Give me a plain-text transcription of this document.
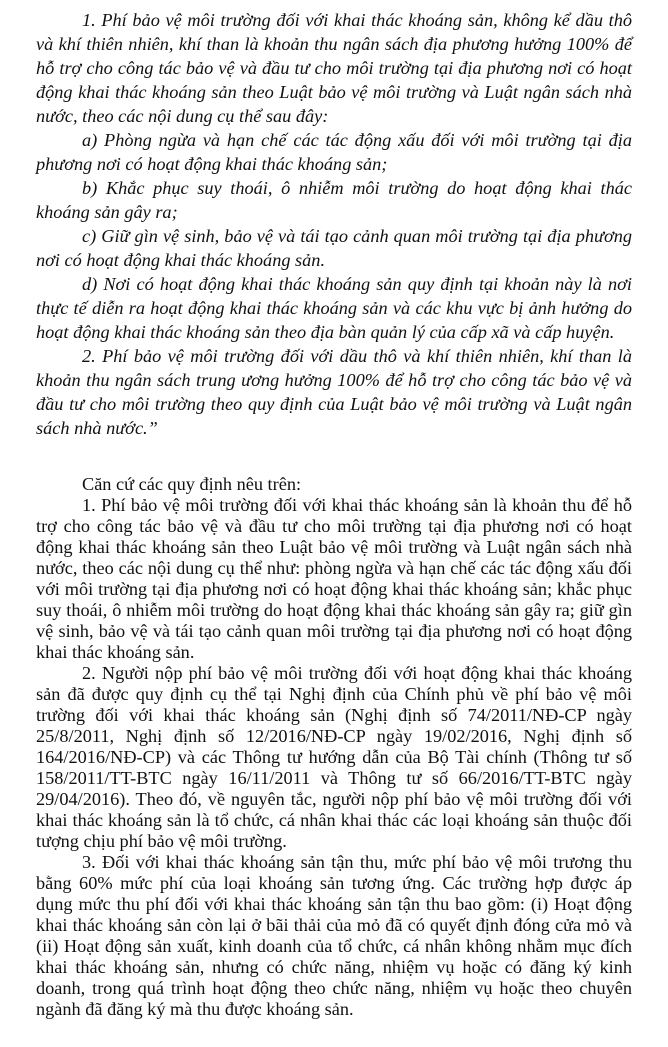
1. Phí bảo vệ môi trường đối với khai thác khoáng sản, không kể dầu thô
và khí thiên nhiên, khí than là khoản thu ngân sách địa phương hưởng 100% để
hỗ trợ cho công tác bảo vệ và đầu tư cho môi trường tại địa phương nơi có hoạt
động khai thác khoáng sản theo Luật bảo vệ môi trường và Luật ngân sách nhà
nước, theo các nội dung cụ thể sau đây:
a) Phòng ngừa và hạn chế các tác động xấu đối với môi trường tại địa
phương nơi có hoạt động khai thác khoáng sản;
b) Khắc phục suy thoái, ô nhiễm môi trường do hoạt động khai thác
khoáng sản gây ra;
c) Giữ gìn vệ sinh, bảo vệ và tái tạo cảnh quan môi trường tại địa phương
nơi có hoạt động khai thác khoáng sản.
d) Nơi có hoạt động khai thác khoáng sản quy định tại khoản này là nơi
thực tế diễn ra hoạt động khai thác khoáng sản và các khu vực bị ảnh hưởng do
hoạt động khai thác khoáng sản theo địa bàn quản lý của cấp xã và cấp huyện.
2. Phí bảo vệ môi trường đối với dầu thô và khí thiên nhiên, khí than là
khoản thu ngân sách trung ương hưởng 100% để hỗ trợ cho công tác bảo vệ và
đầu tư cho môi trường theo quy định của Luật bảo vệ môi trường và Luật ngân
sách nhà nước.”
Căn cứ các quy định nêu trên:
1. Phí bảo vệ môi trường đối với khai thác khoáng sản là khoản thu để hỗ
trợ cho công tác bảo vệ và đầu tư cho môi trường tại địa phương nơi có hoạt
động khai thác khoáng sản theo Luật bảo vệ môi trường và Luật ngân sách nhà
nước, theo các nội dung cụ thể như: phòng ngừa và hạn chế các tác động xấu đối
với môi trường tại địa phương nơi có hoạt động khai thác khoáng sản; khắc phục
suy thoái, ô nhiễm môi trường do hoạt động khai thác khoáng sản gây ra; giữ gìn
vệ sinh, bảo vệ và tái tạo cảnh quan môi trường tại địa phương nơi có hoạt động
khai thác khoáng sản.
2. Người nộp phí bảo vệ môi trường đối với hoạt động khai thác khoáng
sản đã được quy định cụ thể tại Nghị định của Chính phủ về phí bảo vệ môi
trường đối với khai thác khoáng sản (Nghị định số 74/2011/NĐ-CP ngày
25/8/2011, Nghị định số 12/2016/NĐ-CP ngày 19/02/2016, Nghị định số
164/2016/NĐ-CP) và các Thông tư hướng dẫn của Bộ Tài chính (Thông tư số
158/2011/TT-BTC ngày 16/11/2011 và Thông tư số 66/2016/TT-BTC ngày
29/04/2016). Theo đó, về nguyên tắc, người nộp phí bảo vệ môi trường đối với
khai thác khoáng sản là tổ chức, cá nhân khai thác các loại khoáng sản thuộc đối
tượng chịu phí bảo vệ môi trường.
3. Đối với khai thác khoáng sản tận thu, mức phí bảo vệ môi trương thu
bằng 60% mức phí của loại khoáng sản tương ứng. Các trường hợp được áp
dụng mức thu phí đối với khai thác khoáng sản tận thu bao gồm: (i) Hoạt động
khai thác khoáng sản còn lại ở bãi thải của mỏ đã có quyết định đóng cửa mỏ và
(ii) Hoạt động sản xuất, kinh doanh của tổ chức, cá nhân không nhằm mục đích
khai thác khoáng sản, nhưng có chức năng, nhiệm vụ hoặc có đăng ký kinh
doanh, trong quá trình hoạt động theo chức năng, nhiệm vụ hoặc theo chuyên
ngành đã đăng ký mà thu được khoáng sản.
